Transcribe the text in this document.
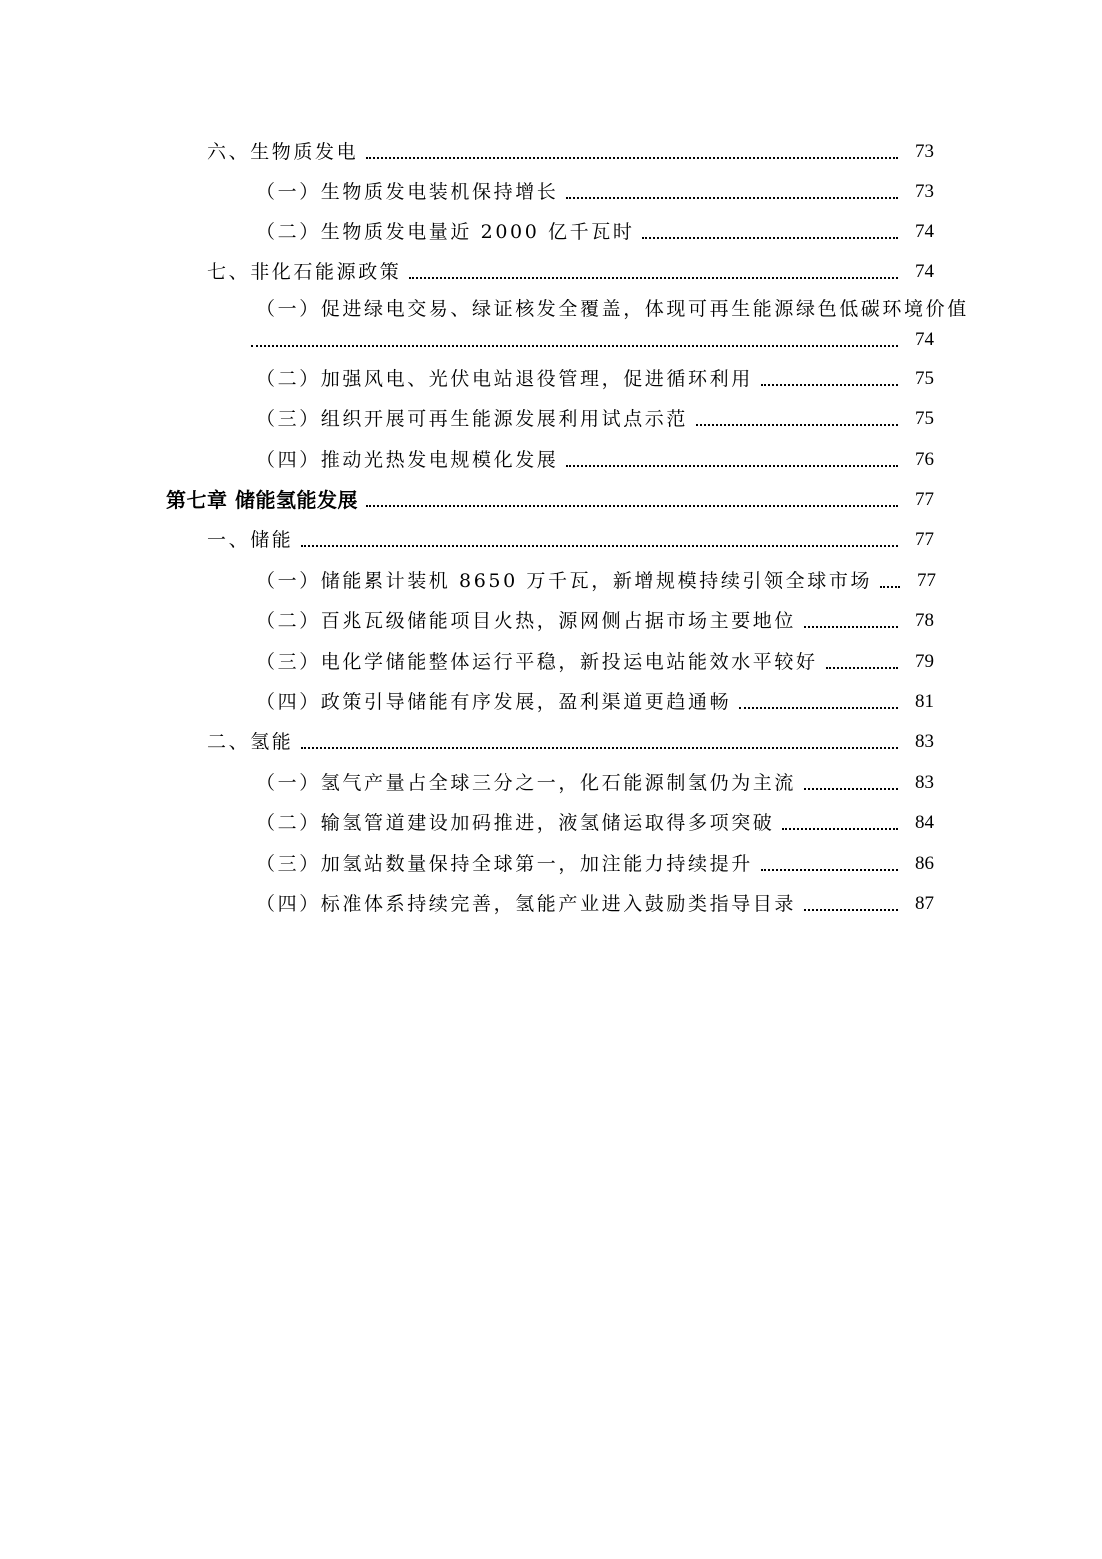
六、生物质发电	73
（一）生物质发电装机保持增长	73
（二）生物质发电量近 2000 亿千瓦时	74
七、非化石能源政策	74
（一）促进绿电交易、绿证核发全覆盖，体现可再生能源绿色低碳环境价值
74
（二）加强风电、光伏电站退役管理，促进循环利用	75
（三）组织开展可再生能源发展利用试点示范	75
（四）推动光热发电规模化发展	76
第七章 储能氢能发展	77
一、储能	77
（一）储能累计装机 8650 万千瓦，新增规模持续引领全球市场	77
（二）百兆瓦级储能项目火热，源网侧占据市场主要地位	78
（三）电化学储能整体运行平稳，新投运电站能效水平较好	79
（四）政策引导储能有序发展，盈利渠道更趋通畅	81
二、氢能	83
（一）氢气产量占全球三分之一，化石能源制氢仍为主流	83
（二）输氢管道建设加码推进，液氢储运取得多项突破	84
（三）加氢站数量保持全球第一，加注能力持续提升	86
（四）标准体系持续完善，氢能产业进入鼓励类指导目录	87
